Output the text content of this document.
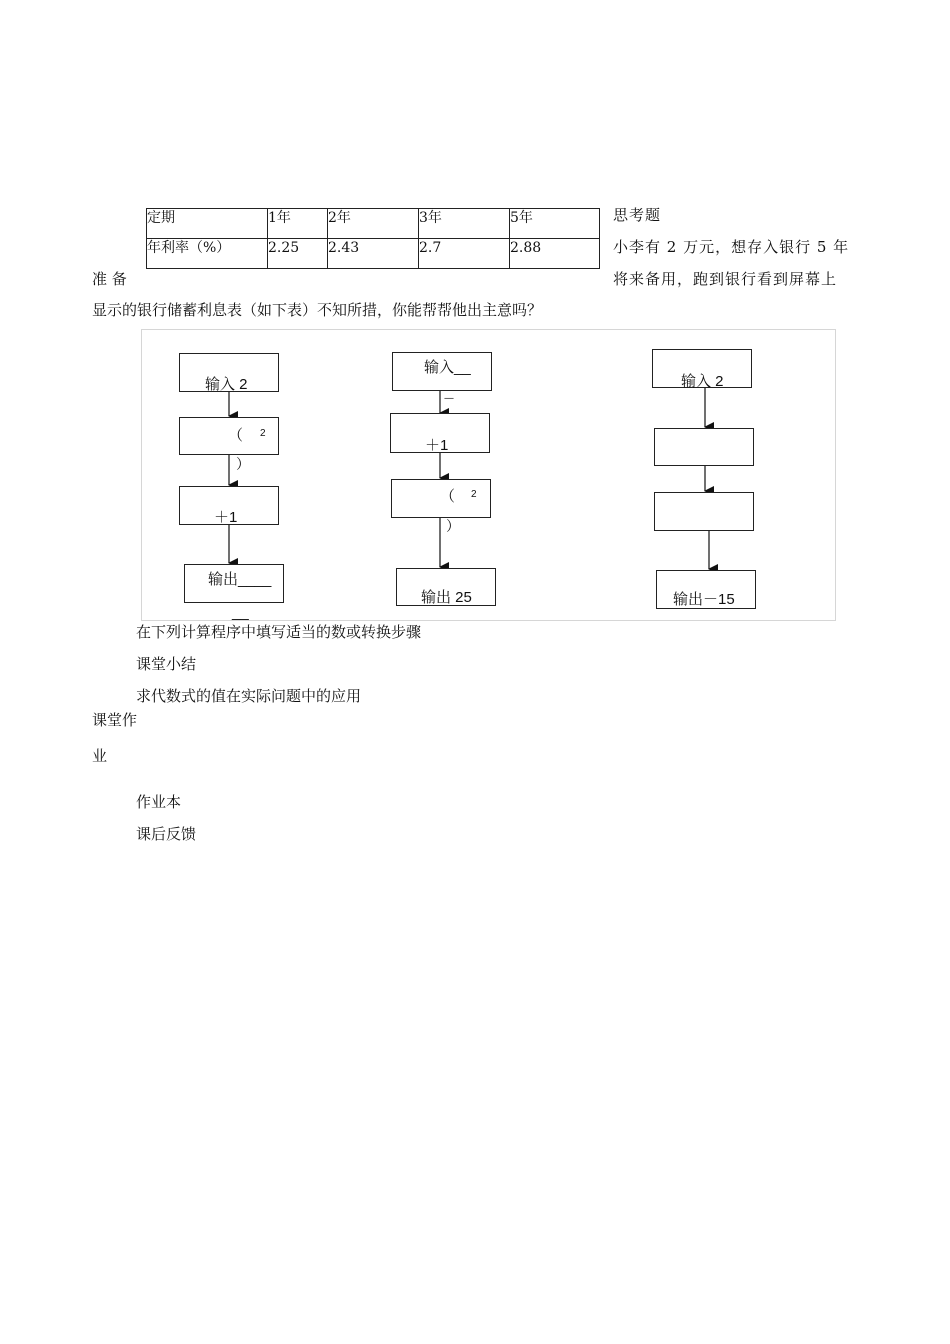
定期	1年	2年	3年	5年
年利率（%）	2.25	2.43	2.7	2.88
准 备
思考题
小李有 2 万元，想存入银行 5 年
将来备用，跑到银行看到屏幕上
显示的银行储蓄利息表（如下表）不知所措，你能帮帮他出主意吗？
输入 2
（ 2
）
＋1
输出____
__
输入__
—
＋1
（ 2
）
输出 25
输入 2
输出－15
在下列计算程序中填写适当的数或转换步骤
课堂小结
求代数式的值在实际问题中的应用
课堂作
业
作业本
课后反馈
